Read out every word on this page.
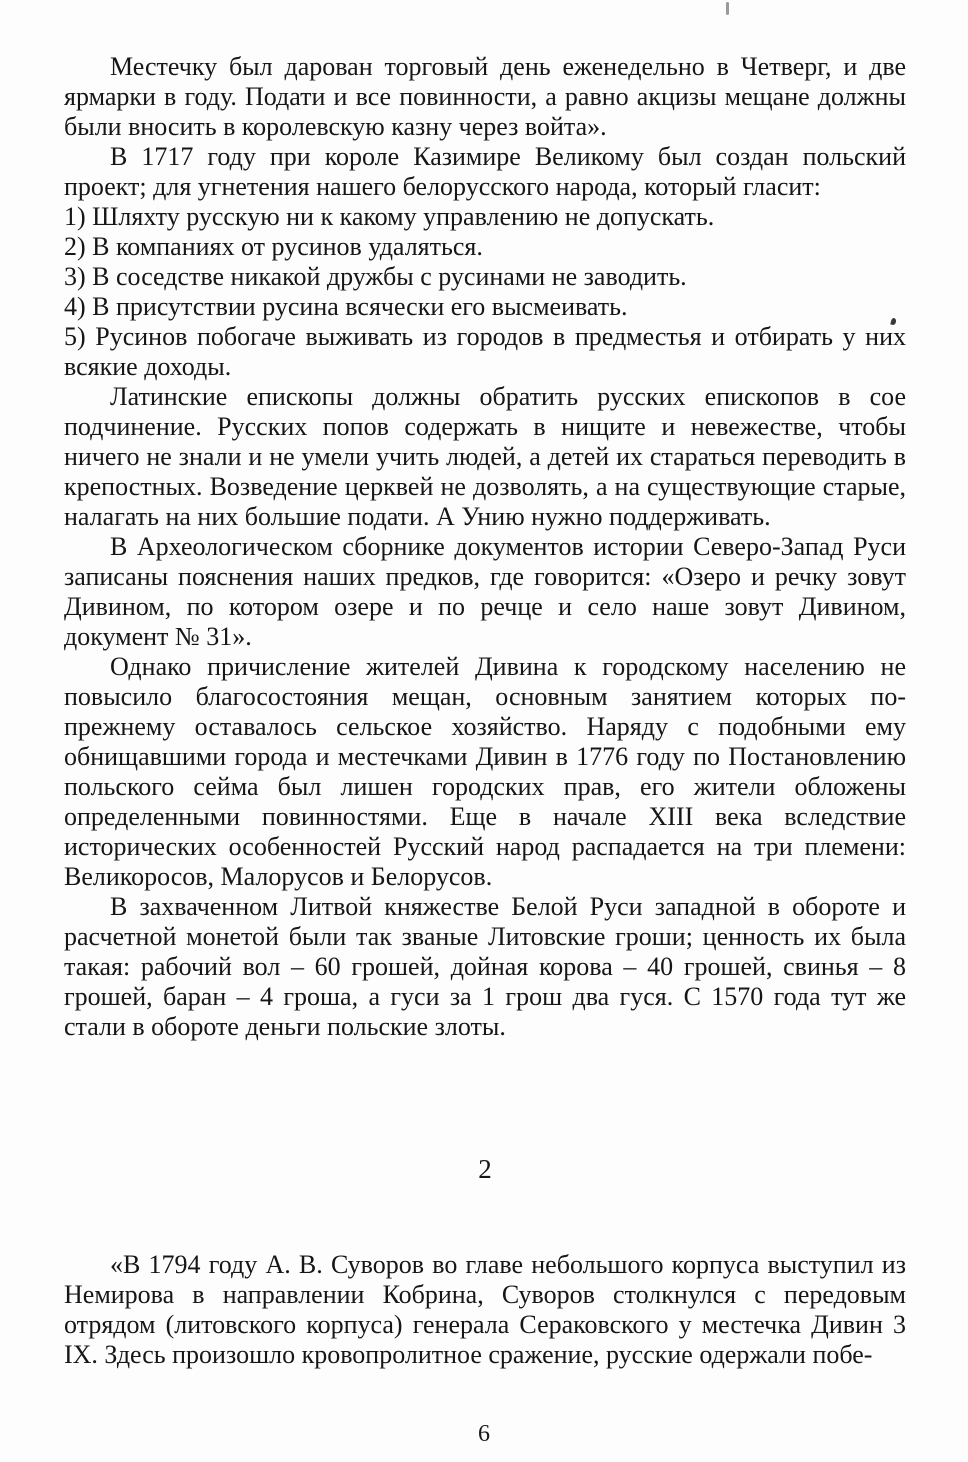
Местечку был дарован торговый день еженедельно в Четверг, и две ярмарки в году. Подати и все повинности, а равно акцизы мещане должны были вносить в королевскую казну через войта».

В 1717 году при короле Казимире Великому был создан польский проект; для угнетения нашего белорусского народа, который гласит:

1) Шляхту русскую ни к какому управлению не допускать.

2) В компаниях от русинов удаляться.

3) В соседстве никакой дружбы с русинами не заводить.

4) В присутствии русина всячески его высмеивать.

5) Русинов побогаче выживать из городов в предместья и отбирать у них всякие доходы.

Латинские епископы должны обратить русских епископов в сое подчинение. Русских попов содержать в нищите и невежестве, чтобы ничего не знали и не умели учить людей, а детей их стараться переводить в крепостных. Возведение церквей не дозволять, а на существующие старые, налагать на них большие подати. А Унию нужно поддерживать.

В Археологическом сборнике документов истории Северо-Запад Руси записаны пояснения наших предков, где говорится: «Озеро и речку зовут Дивином, по котором озере и по речце и село наше зовут Дивином, документ № 31».

Однако причисление жителей Дивина к городскому населению не повысило благосостояния мещан, основным занятием которых по-прежнему оставалось сельское хозяйство. Наряду с подобными ему обнищавшими города и местечками Дивин в 1776 году по Постановлению польского сейма был лишен городских прав, его жители обложены определенными повинностями. Еще в начале XIII века вследствие исторических особенностей Русский народ распадается на три племени: Великоросов, Малорусов и Белорусов.

В захваченном Литвой княжестве Белой Руси западной в обороте и расчетной монетой были так званые Литовские гроши; ценность их была такая: рабочий вол – 60 грошей, дойная корова – 40 грошей, свинья – 8 грошей, баран – 4 гроша, а гуси за 1 грош два гуся. С 1570 года тут же стали в обороте деньги польские злоты.

2

«В 1794 году А. В. Суворов во главе небольшого корпуса выступил из Немирова в направлении Кобрина, Суворов столкнулся с передовым отрядом (литовского корпуса) генерала Сераковского у местечка Дивин 3 IX. Здесь произошло кровопролитное сражение, русские одержали побе-

6
